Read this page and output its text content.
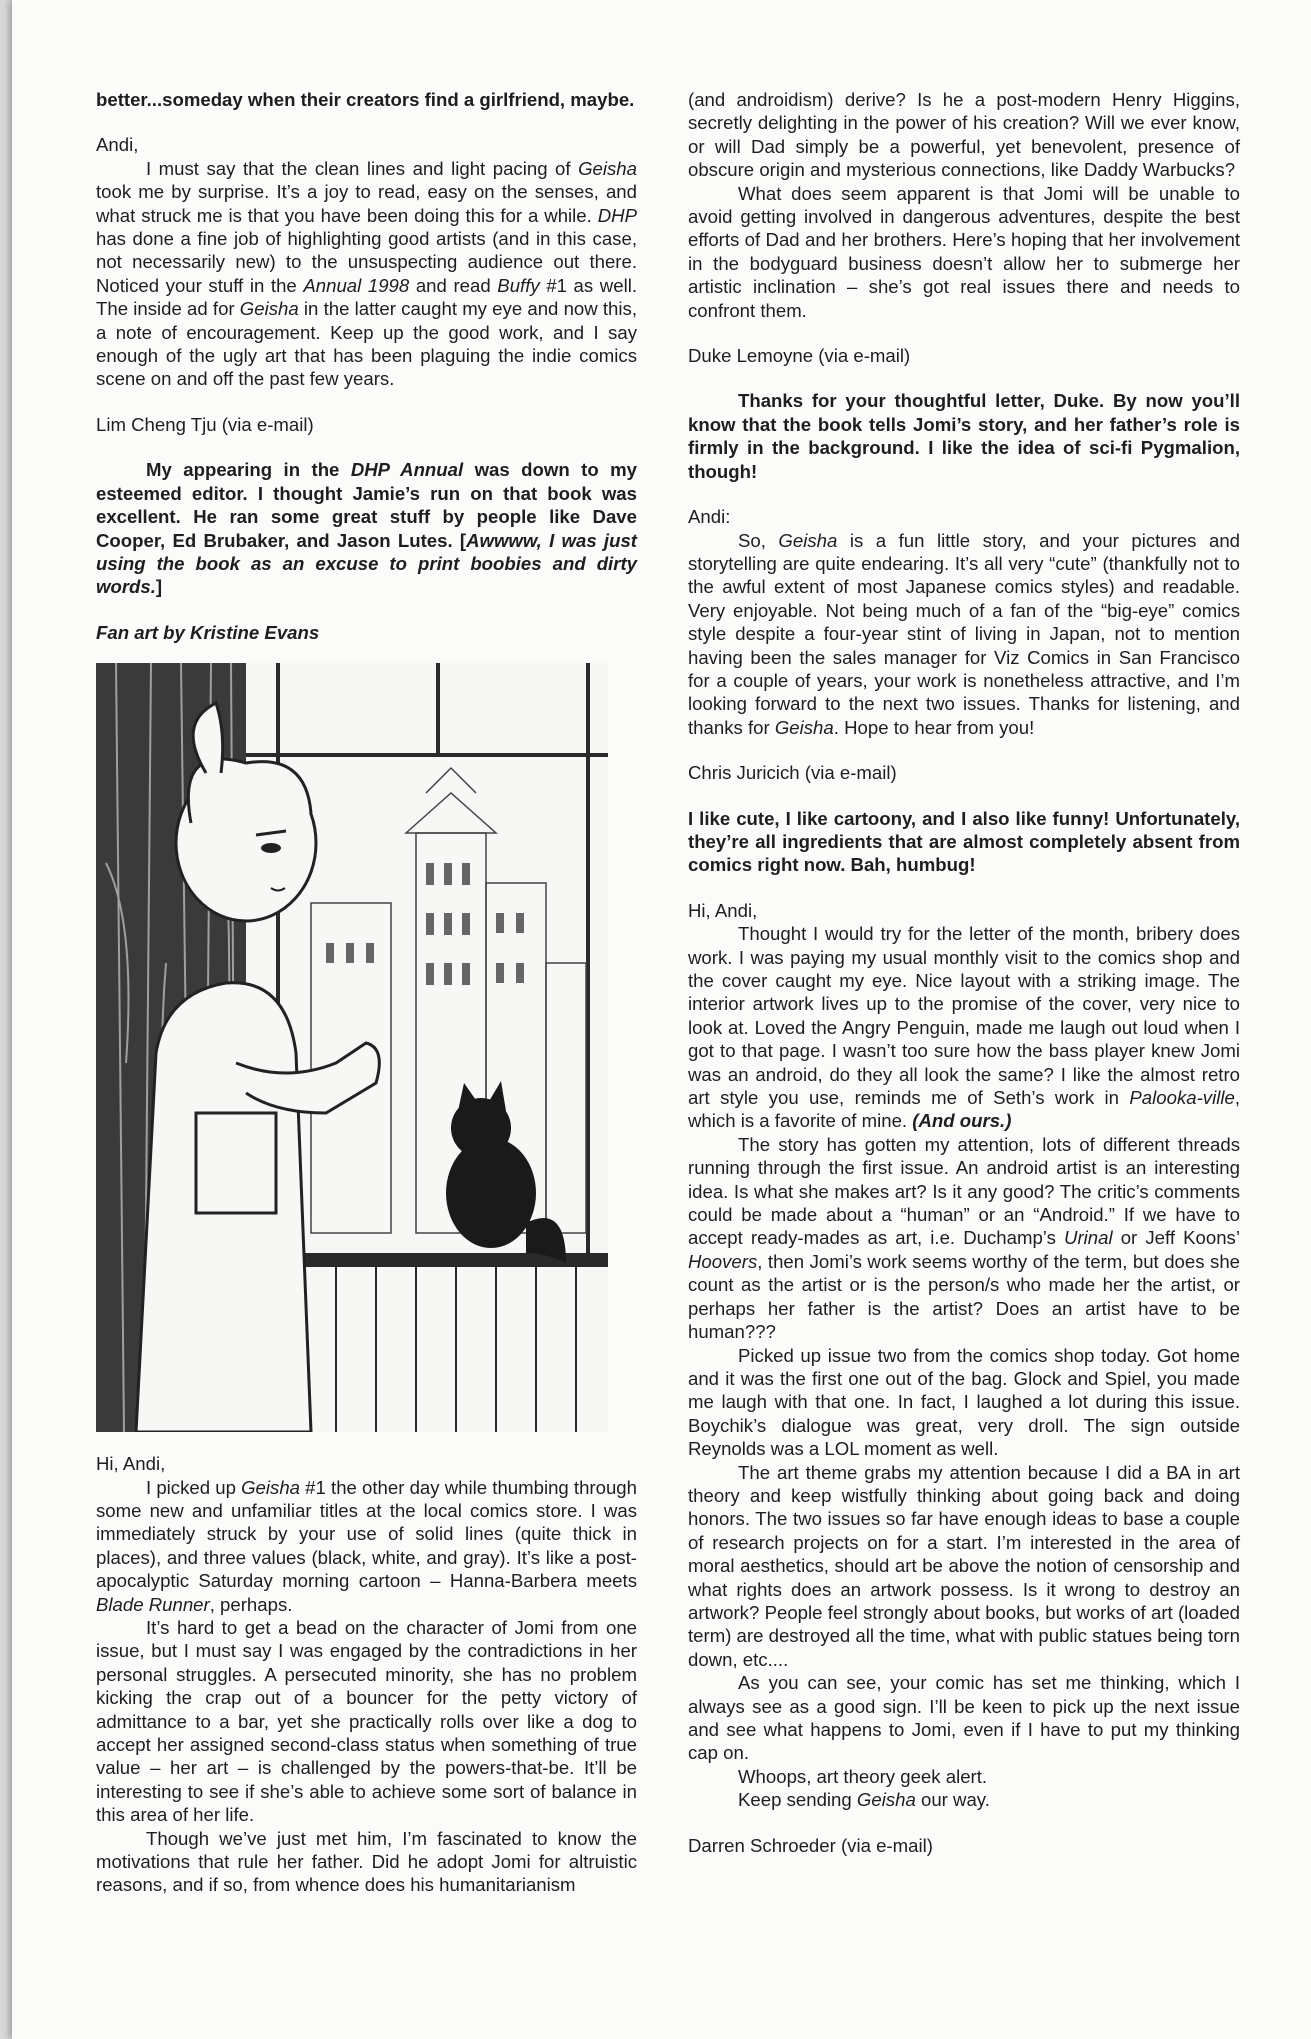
better...someday when their creators find a girlfriend, maybe.

Andi,

I must say that the clean lines and light pacing of Geisha took me by surprise. It’s a joy to read, easy on the senses, and what struck me is that you have been doing this for a while. DHP has done a fine job of highlighting good artists (and in this case, not necessarily new) to the unsuspecting audience out there. Noticed your stuff in the Annual 1998 and read Buffy #1 as well. The inside ad for Geisha in the latter caught my eye and now this, a note of encouragement. Keep up the good work, and I say enough of the ugly art that has been plaguing the indie comics scene on and off the past few years.

Lim Cheng Tju (via e-mail)

My appearing in the DHP Annual was down to my esteemed editor. I thought Jamie’s run on that book was excellent. He ran some great stuff by people like Dave Cooper, Ed Brubaker, and Jason Lutes. [Awwww, I was just using the book as an excuse to print boobies and dirty words.]

Fan art by Kristine Evans

Hi, Andi,

I picked up Geisha #1 the other day while thumbing through some new and unfamiliar titles at the local comics store. I was immediately struck by your use of solid lines (quite thick in places), and three values (black, white, and gray). It’s like a post-apocalyptic Saturday morning cartoon – Hanna-Barbera meets Blade Runner, perhaps.

It’s hard to get a bead on the character of Jomi from one issue, but I must say I was engaged by the contradictions in her personal struggles. A persecuted minority, she has no problem kicking the crap out of a bouncer for the petty victory of admittance to a bar, yet she practically rolls over like a dog to accept her assigned second-class status when something of true value – her art – is challenged by the powers-that-be. It’ll be interesting to see if she’s able to achieve some sort of balance in this area of her life.

Though we’ve just met him, I’m fascinated to know the motivations that rule her father. Did he adopt Jomi for altruistic reasons, and if so, from whence does his humanitarianism

(and androidism) derive? Is he a post-modern Henry Higgins, secretly delighting in the power of his creation? Will we ever know, or will Dad simply be a powerful, yet benevolent, presence of obscure origin and mysterious connections, like Daddy Warbucks?

What does seem apparent is that Jomi will be unable to avoid getting involved in dangerous adventures, despite the best efforts of Dad and her brothers. Here’s hoping that her involvement in the bodyguard business doesn’t allow her to submerge her artistic inclination – she’s got real issues there and needs to confront them.

Duke Lemoyne (via e-mail)

Thanks for your thoughtful letter, Duke. By now you’ll know that the book tells Jomi’s story, and her father’s role is firmly in the background. I like the idea of sci-fi Pygmalion, though!

Andi:

So, Geisha is a fun little story, and your pictures and storytelling are quite endearing. It’s all very “cute” (thankfully not to the awful extent of most Japanese comics styles) and readable. Very enjoyable. Not being much of a fan of the “big-eye” comics style despite a four-year stint of living in Japan, not to mention having been the sales manager for Viz Comics in San Francisco for a couple of years, your work is nonetheless attractive, and I’m looking forward to the next two issues. Thanks for listening, and thanks for Geisha. Hope to hear from you!

Chris Juricich (via e-mail)

I like cute, I like cartoony, and I also like funny! Unfortunately, they’re all ingredients that are almost completely absent from comics right now. Bah, humbug!

Hi, Andi,

Thought I would try for the letter of the month, bribery does work. I was paying my usual monthly visit to the comics shop and the cover caught my eye. Nice layout with a striking image. The interior artwork lives up to the promise of the cover, very nice to look at. Loved the Angry Penguin, made me laugh out loud when I got to that page. I wasn’t too sure how the bass player knew Jomi was an android, do they all look the same? I like the almost retro art style you use, reminds me of Seth’s work in Palooka-ville, which is a favorite of mine. (And ours.)

The story has gotten my attention, lots of different threads running through the first issue. An android artist is an interesting idea. Is what she makes art? Is it any good? The critic’s comments could be made about a “human” or an “Android.” If we have to accept ready-mades as art, i.e. Duchamp’s Urinal or Jeff Koons’ Hoovers, then Jomi’s work seems worthy of the term, but does she count as the artist or is the person/s who made her the artist, or perhaps her father is the artist? Does an artist have to be human???

Picked up issue two from the comics shop today. Got home and it was the first one out of the bag. Glock and Spiel, you made me laugh with that one. In fact, I laughed a lot during this issue. Boychik’s dialogue was great, very droll. The sign outside Reynolds was a LOL moment as well.

The art theme grabs my attention because I did a BA in art theory and keep wistfully thinking about going back and doing honors. The two issues so far have enough ideas to base a couple of research projects on for a start. I’m interested in the area of moral aesthetics, should art be above the notion of censorship and what rights does an artwork possess. Is it wrong to destroy an artwork? People feel strongly about books, but works of art (loaded term) are destroyed all the time, what with public statues being torn down, etc....

As you can see, your comic has set me thinking, which I always see as a good sign. I’ll be keen to pick up the next issue and see what happens to Jomi, even if I have to put my thinking cap on.

Whoops, art theory geek alert.

Keep sending Geisha our way.

Darren Schroeder (via e-mail)
